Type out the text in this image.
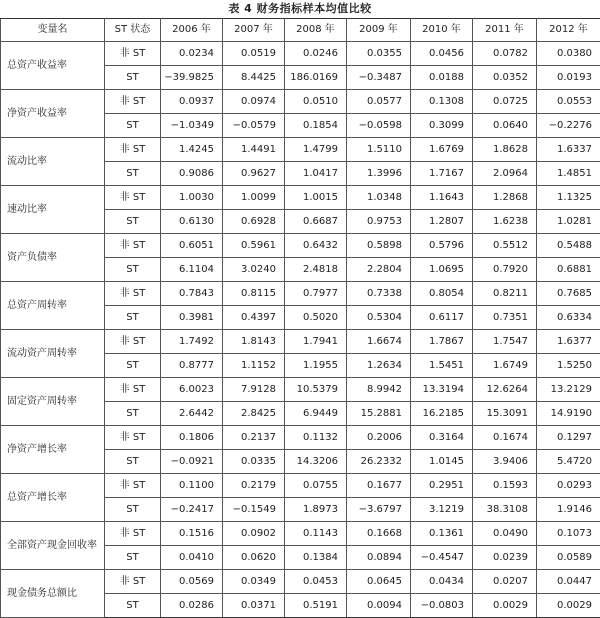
表 4 财务指标样本均值比较
变量名	ST 状态	2006 年	2007 年	2008 年	2009 年	2010 年	2011 年	2012 年
总资产收益率	非 ST	0.0234	0.0519	0.0246	0.0355	0.0456	0.0782	0.0380
	ST	−39.9825	8.4425	186.0169	−0.3487	0.0188	0.0352	0.0193
净资产收益率	非 ST	0.0937	0.0974	0.0510	0.0577	0.1308	0.0725	0.0553
	ST	−1.0349	−0.0579	0.1854	−0.0598	0.3099	0.0640	−0.2276
流动比率	非 ST	1.4245	1.4491	1.4799	1.5110	1.6769	1.8628	1.6337
	ST	0.9086	0.9627	1.0417	1.3996	1.7167	2.0964	1.4851
速动比率	非 ST	1.0030	1.0099	1.0015	1.0348	1.1643	1.2868	1.1325
	ST	0.6130	0.6928	0.6687	0.9753	1.2807	1.6238	1.0281
资产负债率	非 ST	0.6051	0.5961	0.6432	0.5898	0.5796	0.5512	0.5488
	ST	6.1104	3.0240	2.4818	2.2804	1.0695	0.7920	0.6881
总资产周转率	非 ST	0.7843	0.8115	0.7977	0.7338	0.8054	0.8211	0.7685
	ST	0.3981	0.4397	0.5020	0.5304	0.6117	0.7351	0.6334
流动资产周转率	非 ST	1.7492	1.8143	1.7941	1.6674	1.7867	1.7547	1.6377
	ST	0.8777	1.1152	1.1955	1.2634	1.5451	1.6749	1.5250
固定资产周转率	非 ST	6.0023	7.9128	10.5379	8.9942	13.3194	12.6264	13.2129
	ST	2.6442	2.8425	6.9449	15.2881	16.2185	15.3091	14.9190
净资产增长率	非 ST	0.1806	0.2137	0.1132	0.2006	0.3164	0.1674	0.1297
	ST	−0.0921	0.0335	14.3206	26.2332	1.0145	3.9406	5.4720
总资产增长率	非 ST	0.1100	0.2179	0.0755	0.1677	0.2951	0.1593	0.0293
	ST	−0.2417	−0.1549	1.8973	−3.6797	3.1219	38.3108	1.9146
全部资产现金回收率	非 ST	0.1516	0.0902	0.1143	0.1668	0.1361	0.0490	0.1073
	ST	0.0410	0.0620	0.1384	0.0894	−0.4547	0.0239	0.0589
现金债务总额比	非 ST	0.0569	0.0349	0.0453	0.0645	0.0434	0.0207	0.0447
	ST	0.0286	0.0371	0.5191	0.0094	−0.0803	0.0029	0.0029
